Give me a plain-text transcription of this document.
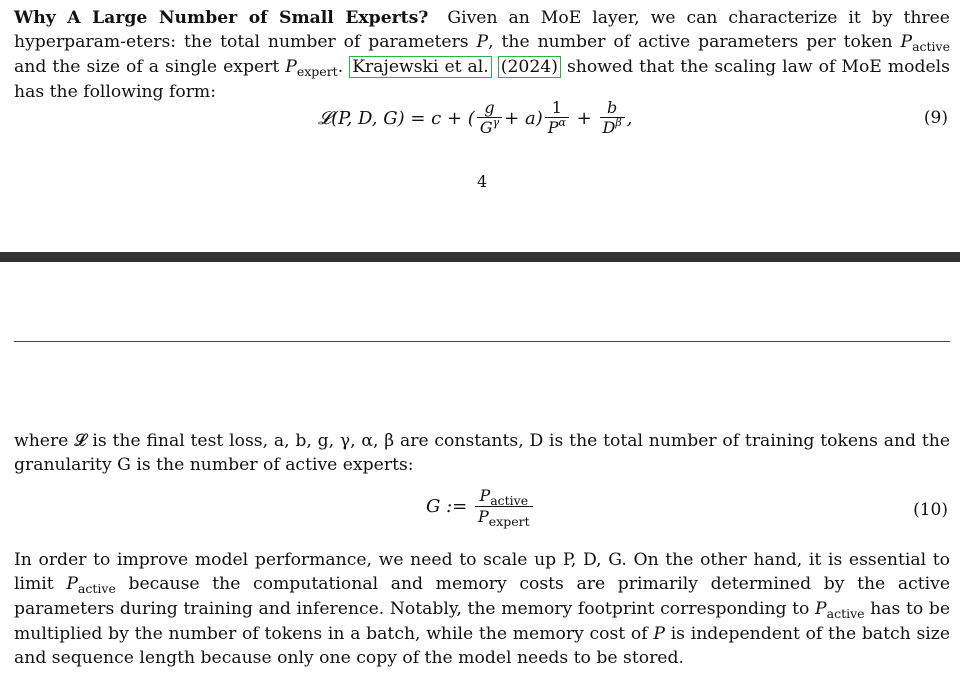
Why A Large Number of Small Experts? Given an MoE layer, we can characterize it by three hyperparam-eters: the total number of parameters P, the number of active parameters per token $P_{active}$ and the size of a single expert $P_{expert}$. Krajewski et al. (2024) showed that the scaling law of MoE models has the following form:

𝓛(P, D, G) = c + ( $\frac{g}{G^\gamma} + a) \frac{1}{P^\alpha} + \frac{b}{D^\beta}$ ,	(9)
4

where 𝓛 is the final test loss, a, b, g, γ, α, β are constants, D is the total number of training tokens and the granularity G is the number of active experts:

G := $\frac{P_{active}}{P_{expert}}$	(10)

In order to improve model performance, we need to scale up P, D, G. On the other hand, it is essential to limit $P_{active}$ because the computational and memory costs are primarily determined by the active parameters during training and inference. Notably, the memory footprint corresponding to $P_{active}$ has to be multiplied by the number of tokens in a batch, while the memory cost of P is independent of the batch size and sequence length because only one copy of the model needs to be stored.
